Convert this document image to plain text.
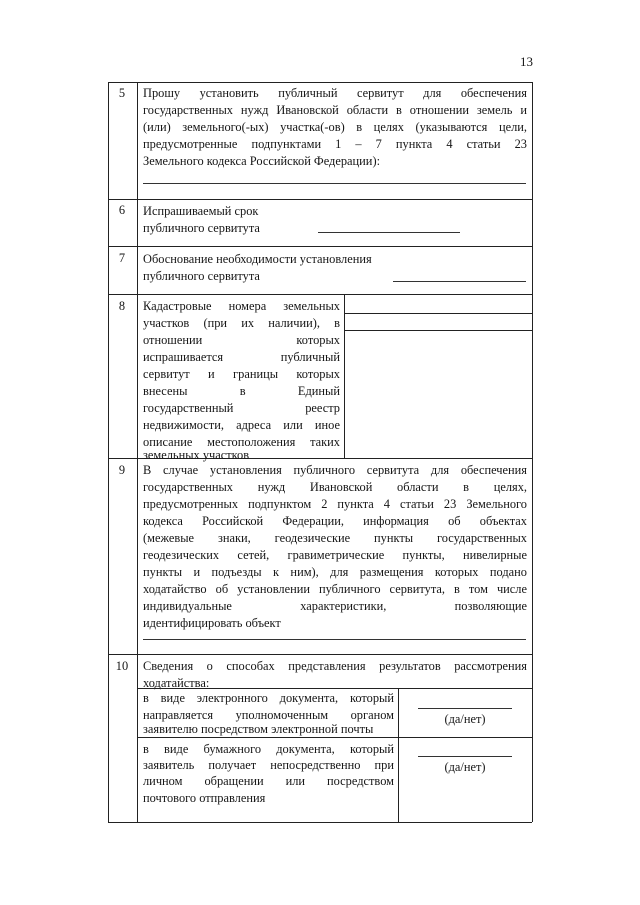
13
5	Прошу установить публичный сервитут для обеспечения
государственных нужд Ивановской области в отношении земель и
(или) земельного(-ых) участка(-ов) в целях (указываются цели,
предусмотренные подпунктами 1 – 7 пункта 4 статьи 23
Земельного кодекса Российской Федерации):
6	Испрашиваемый срок
публичного сервитута
7	Обоснование необходимости установления
публичного сервитута
8	Кадастровые номера земельных
участков (при их наличии), в
отношении которых
испрашивается публичный
сервитут и границы которых
внесены в Единый
государственный реестр
недвижимости, адреса или иное
описание местоположения таких
земельных участков
9	В случае установления публичного сервитута для обеспечения
государственных нужд Ивановской области в целях,
предусмотренных подпунктом 2 пункта 4 статьи 23 Земельного
кодекса Российской Федерации, информация об объектах
(межевые знаки, геодезические пункты государственных
геодезических сетей, гравиметрические пункты, нивелирные
пункты и подъезды к ним), для размещения которых подано
ходатайство об установлении публичного сервитута, в том числе
индивидуальные характеристики, позволяющие
идентифицировать объект
10	Сведения о способах представления результатов рассмотрения
ходатайства:
в виде электронного документа, который
направляется уполномоченным органом
заявителю посредством электронной почты
(да/нет)
в виде бумажного документа, который
заявитель получает непосредственно при
личном обращении или посредством
почтового отправления
(да/нет)
